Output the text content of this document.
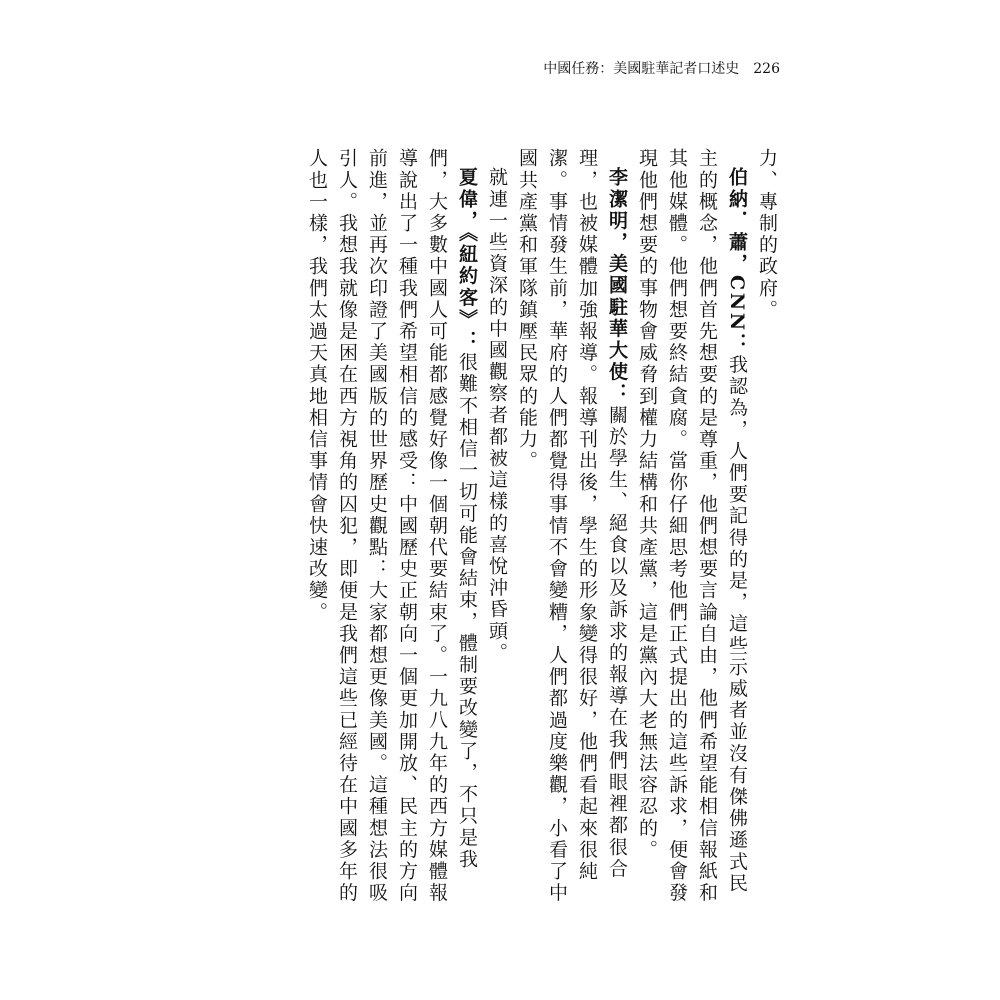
中國任務：美國駐華記者口述史 226

力、專制的政府。

伯納．蕭，CNN：我認為，人們要記得的是，這些示威者並沒有傑佛遜式民主的概念，他們首先想要的是尊重，他們想要言論自由，他們希望能相信報紙和其他媒體。他們想要終結貪腐。當你仔細思考他們正式提出的這些訴求，便會發現他們想要的事物會威脅到權力結構和共產黨，這是黨內大老無法容忍的。

李潔明，美國駐華大使：關於學生、絕食以及訴求的報導在我們眼裡都很合理，也被媒體加強報導。報導刊出後，學生的形象變得很好，他們看起來很純潔。事情發生前，華府的人們都覺得事情不會變糟，人們都過度樂觀，小看了中國共產黨和軍隊鎮壓民眾的能力。

就連一些資深的中國觀察者都被這樣的喜悅沖昏頭。

夏偉，《紐約客》：很難不相信一切可能會結束，體制要改變了，不只是我們，大多數中國人可能都感覺好像一個朝代要結束了。一九八九年的西方媒體報導說出了一種我們希望相信的感受：中國歷史正朝向一個更加開放、民主的方向前進，並再次印證了美國版的世界歷史觀點：大家都想更像美國。這種想法很吸引人。我想我就像是困在西方視角的囚犯，即便是我們這些已經待在中國多年的人也一樣，我們太過天真地相信事情會快速改變。
